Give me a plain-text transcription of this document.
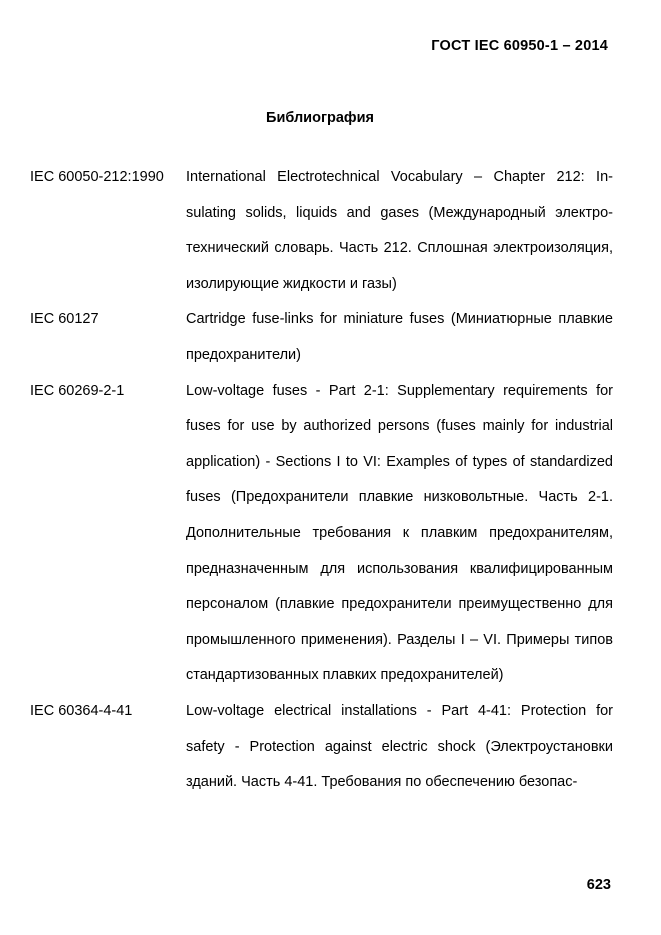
ГОСТ IEC 60950-1 – 2014
Библиография
IEC 60050-212:1990	International Electrotechnical Vocabulary – Chapter 212: Insulating solids, liquids and gases (Международный электротехнический словарь. Часть 212. Сплошная электроизоляция, изолирующие жидкости и газы)
IEC 60127	Cartridge fuse-links for miniature fuses (Миниатюрные плавкие предохранители)
IEC 60269-2-1	Low-voltage fuses - Part 2-1: Supplementary requirements for fuses for use by authorized persons (fuses mainly for industrial application) - Sections I to VI: Examples of types of standardized fuses (Предохранители плавкие низковольтные. Часть 2-1. Дополнительные требования к плавким предохранителям, предназначенным для использования квалифицированным персоналом (плавкие предохранители преимущественно для промышленного применения). Разделы I – VI. Примеры типов стандартизованных плавких предохранителей)
IEC 60364-4-41	Low-voltage electrical installations - Part 4-41: Protection for safety - Protection against electric shock (Электроустановки зданий. Часть 4-41. Требования по обеспечению безопас-
623
